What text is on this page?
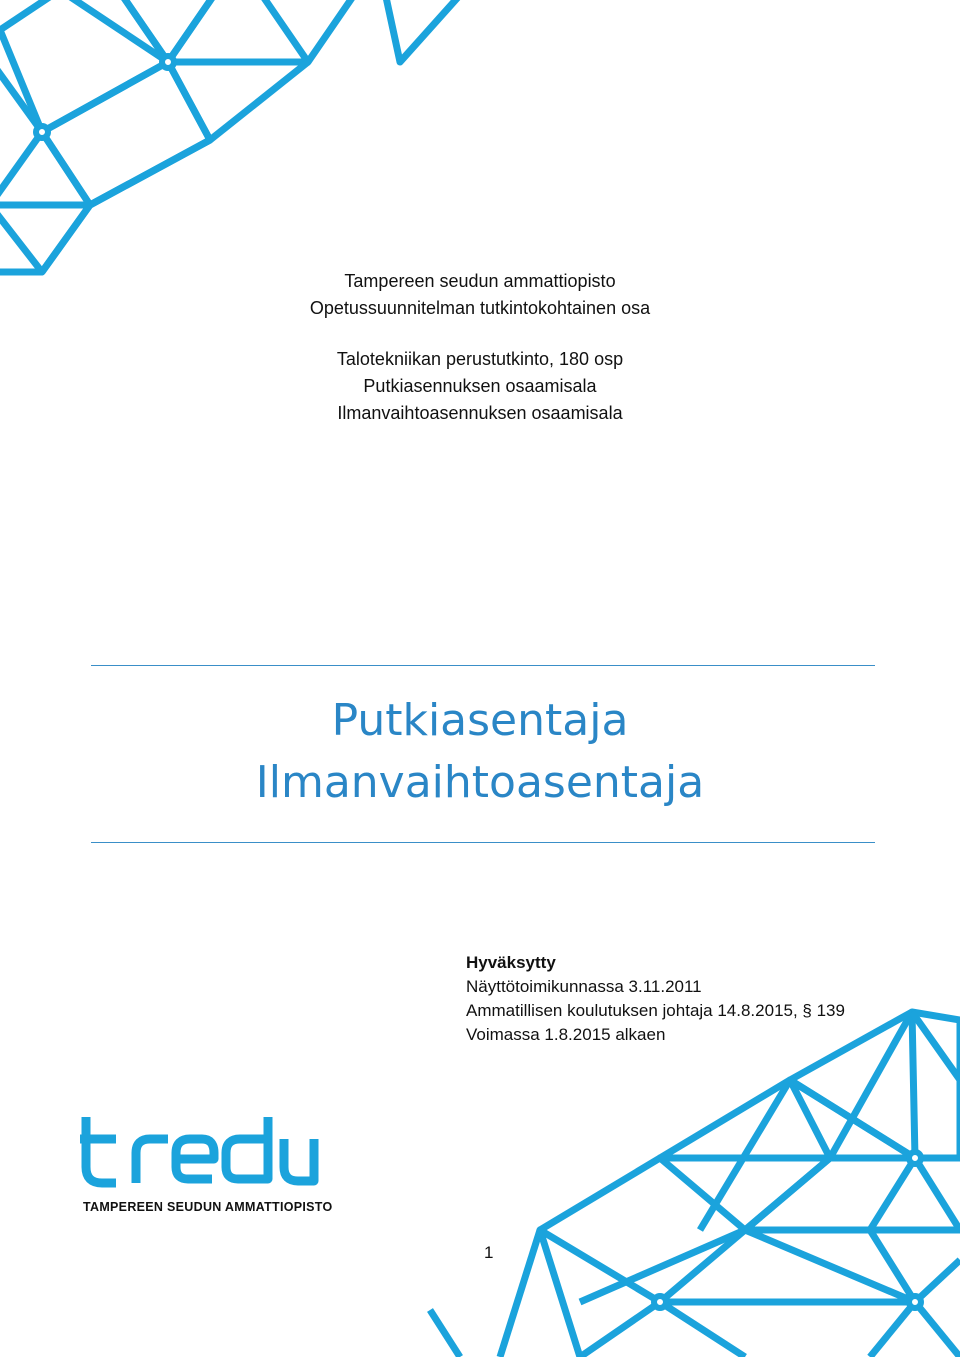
Tampereen seudun ammattiopisto
Opetussuunnitelman tutkintokohtainen osa
Talotekniikan perustutkinto, 180 osp
Putkiasennuksen osaamisala
Ilmanvaihtoasennuksen osaamisala
Putkiasentaja
Ilmanvaihtoasentaja
Hyväksytty
Näyttötoimikunnassa 3.11.2011
Ammatillisen koulutuksen johtaja 14.8.2015, § 139
Voimassa 1.8.2015 alkaen
TAMPEREEN SEUDUN AMMATTIOPISTO
1
